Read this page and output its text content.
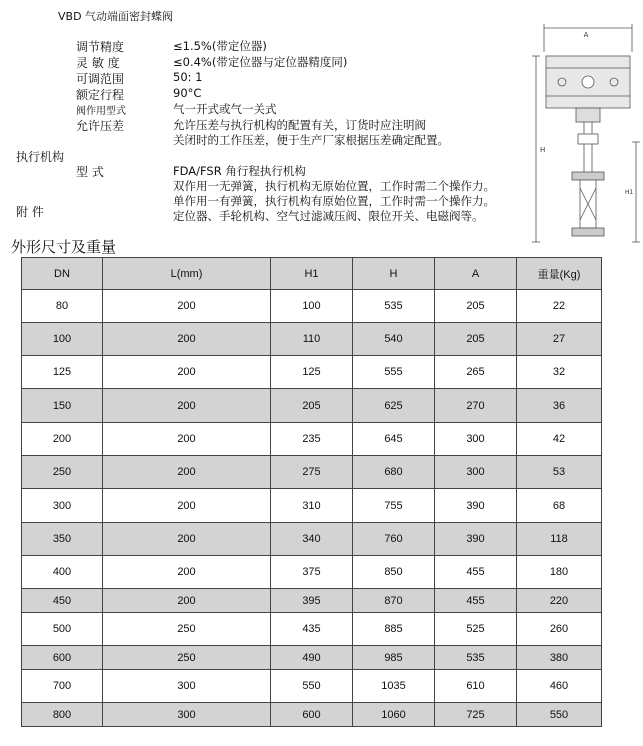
VBD 气动端面密封蝶阀
调节精度	≤1.5%(带定位器)
灵 敏 度	≤0.4%(带定位器与定位器精度同)
可调范围	50: 1
额定行程	90°C
阀作用型式	气一开式或气一关式
允许压差	允许压差与执行机构的配置有关，订货时应注明阀
关闭时的工作压差，便于生产厂家根据压差确定配置。
执行机构
型 式	FDA/FSR 角行程执行机构
双作用一无弹簧，执行机构无原始位置，工作时需二个操作力。
单作用一有弹簧，执行机构有原始位置，工作时需一个操作力。
附 件	定位器、手轮机构、空气过滤减压阀、限位开关、电磁阀等。
A
H
H1
外形尺寸及重量
DN	L(mm)	H1	H	A	重量(Kg)
80	200	100	535	205	22
100	200	110	540	205	27
125	200	125	555	265	32
150	200	205	625	270	36
200	200	235	645	300	42
250	200	275	680	300	53
300	200	310	755	390	68
350	200	340	760	390	118
400	200	375	850	455	180
450	200	395	870	455	220
500	250	435	885	525	260
600	250	490	985	535	380
700	300	550	1035	610	460
800	300	600	1060	725	550
